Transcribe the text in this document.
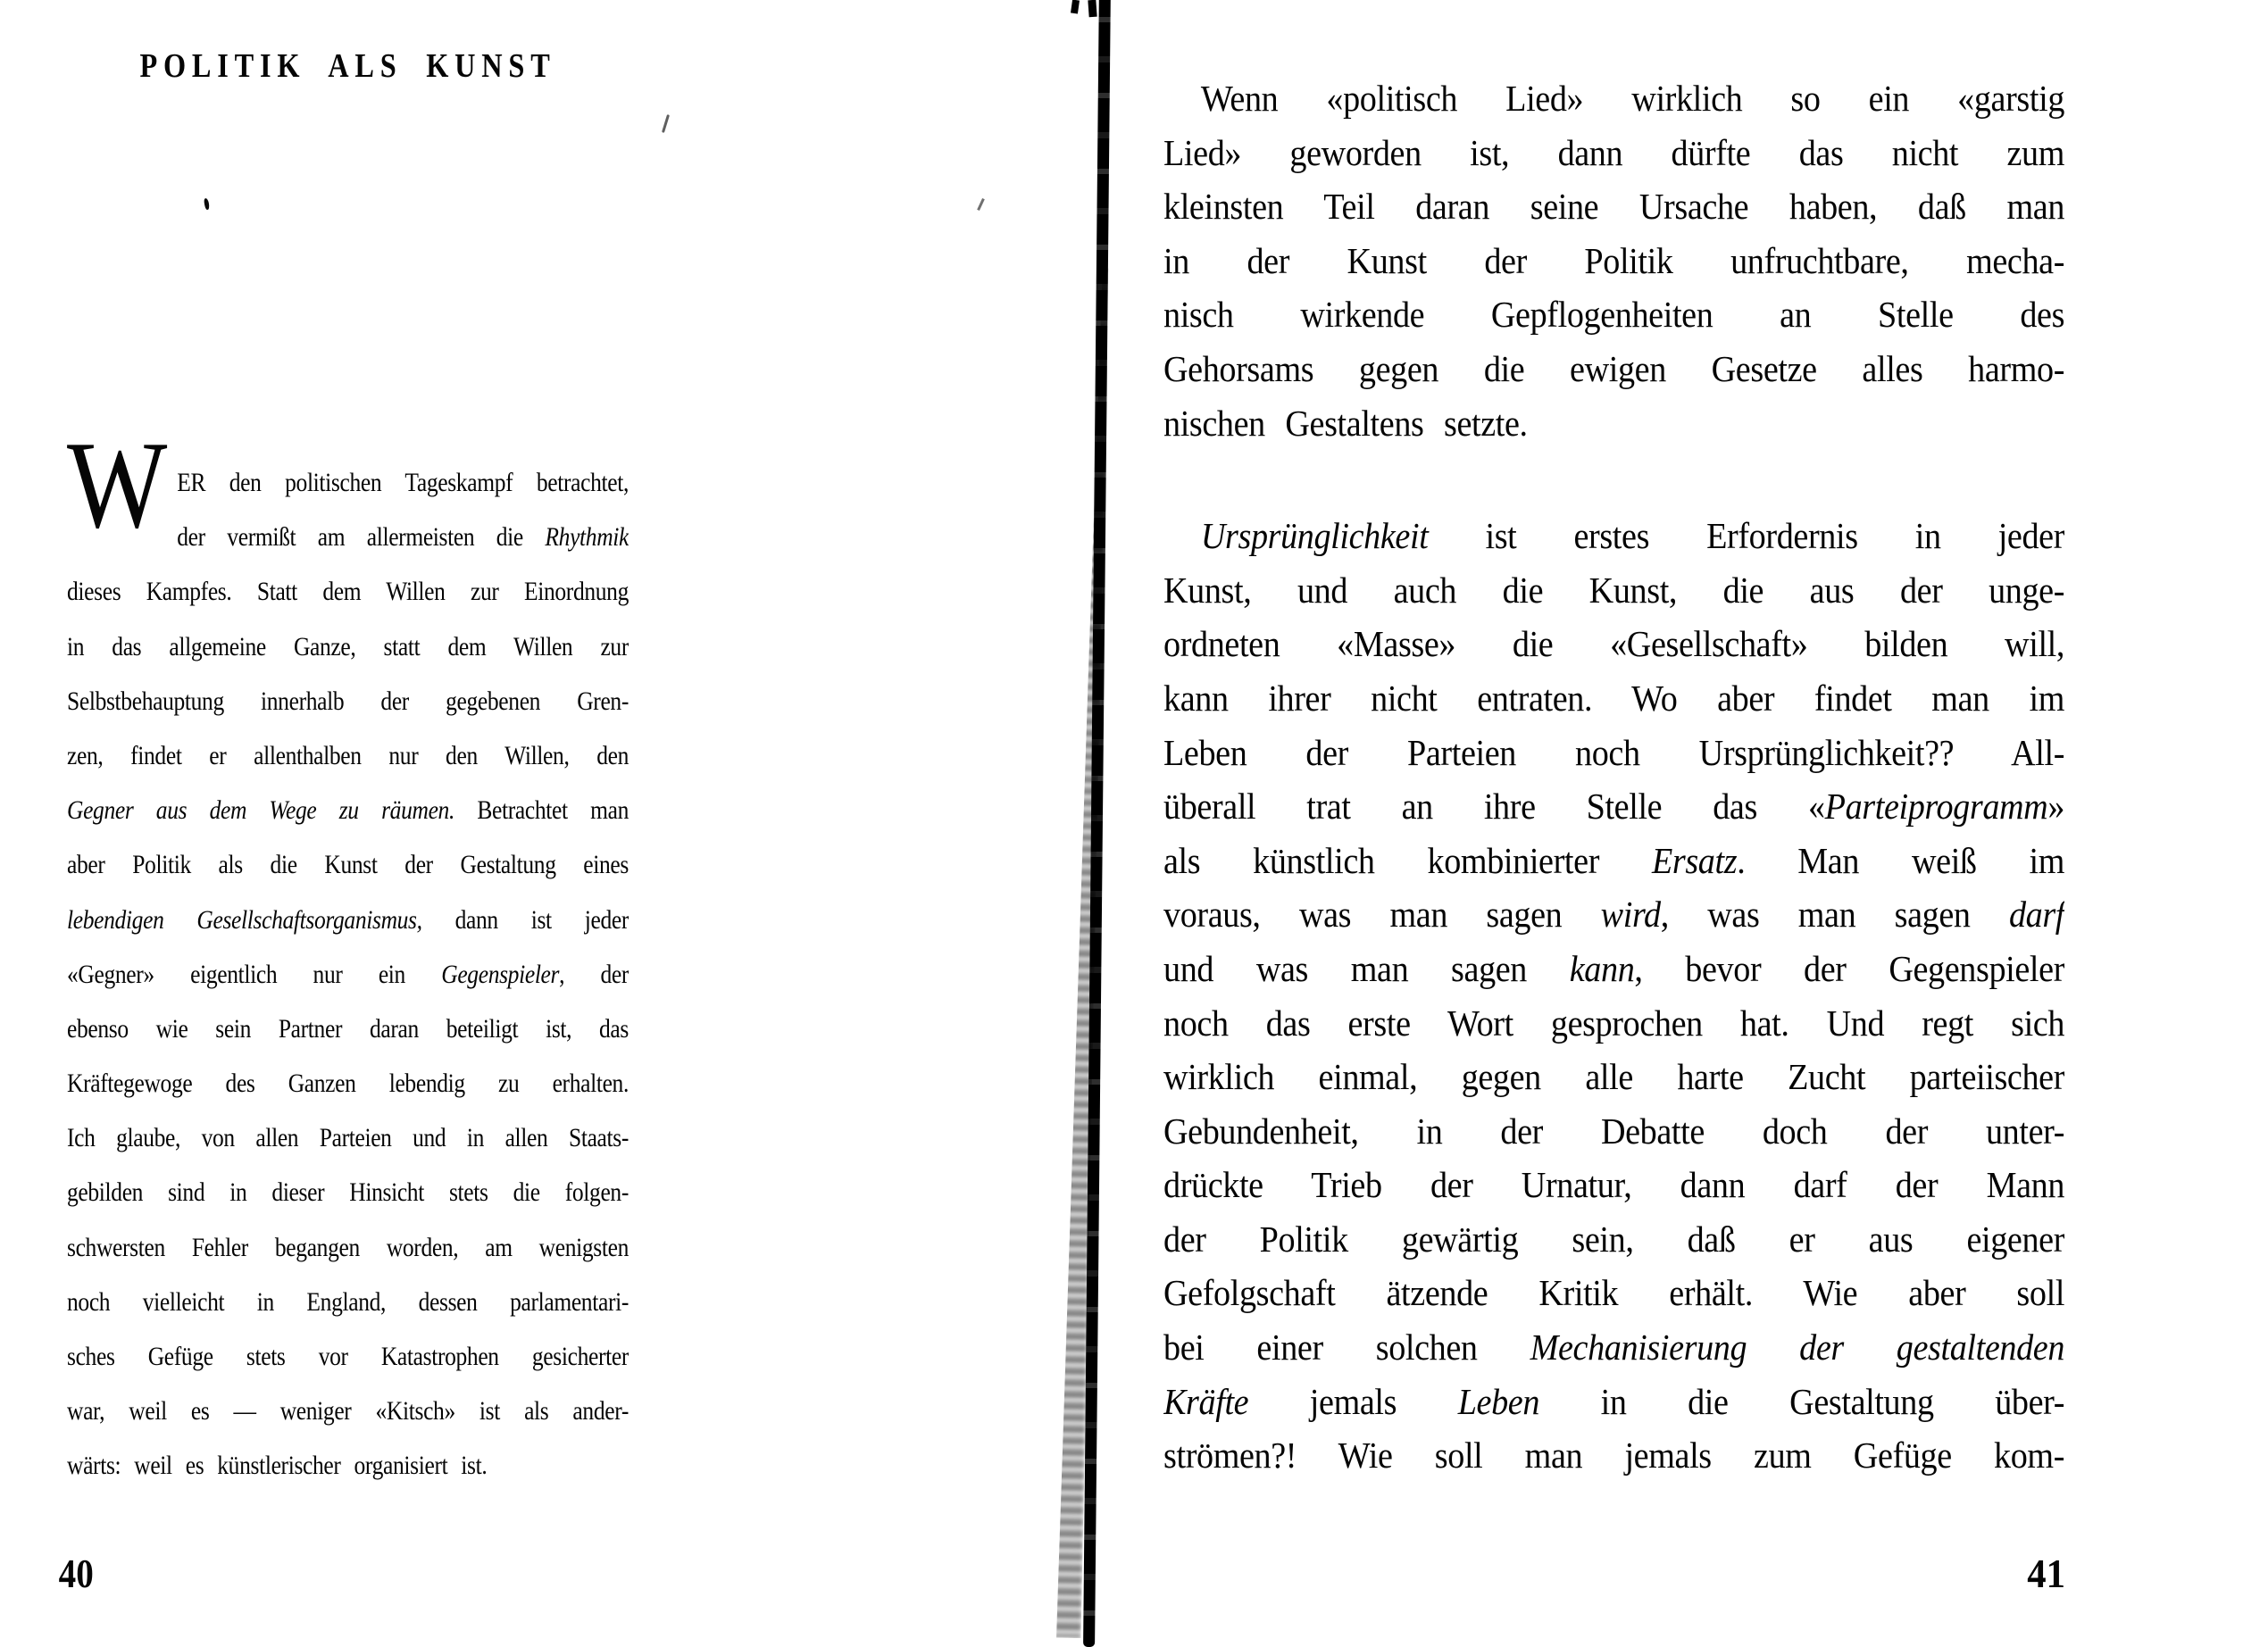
POLITIK ALS KUNST
W ER den politischen Tageskampf betrachtet,
der vermißt am allermeisten die Rhythmik
dieses Kampfes. Statt dem Willen zur Einordnung
in das allgemeine Ganze, statt dem Willen zur
Selbstbehauptung innerhalb der gegebenen Gren-
zen, findet er allenthalben nur den Willen, den
Gegner aus dem Wege zu räumen. Betrachtet man
aber Politik als die Kunst der Gestaltung eines
lebendigen Gesellschaftsorganismus, dann ist jeder
«Gegner» eigentlich nur ein Gegenspieler, der
ebenso wie sein Partner daran beteiligt ist, das
Kräftegewoge des Ganzen lebendig zu erhalten.
Ich glaube, von allen Parteien und in allen Staats-
gebilden sind in dieser Hinsicht stets die folgen-
schwersten Fehler begangen worden, am wenigsten
noch vielleicht in England, dessen parlamentari-
sches Gefüge stets vor Katastrophen gesicherter
war, weil es — weniger «Kitsch» ist als ander-
wärts: weil es künstlerischer organisiert ist.
40
Wenn «politisch Lied» wirklich so ein «garstig
Lied» geworden ist, dann dürfte das nicht zum
kleinsten Teil daran seine Ursache haben, daß man
in der Kunst der Politik unfruchtbare, mecha-
nisch wirkende Gepflogenheiten an Stelle des
Gehorsams gegen die ewigen Gesetze alles harmo-
nischen Gestaltens setzte.
Ursprünglichkeit ist erstes Erfordernis in jeder
Kunst, und auch die Kunst, die aus der unge-
ordneten «Masse» die «Gesellschaft» bilden will,
kann ihrer nicht entraten. Wo aber findet man im
Leben der Parteien noch Ursprünglichkeit?? All-
überall trat an ihre Stelle das «Parteiprogramm»
als künstlich kombinierter Ersatz. Man weiß im
voraus, was man sagen wird, was man sagen darf
und was man sagen kann, bevor der Gegenspieler
noch das erste Wort gesprochen hat. Und regt sich
wirklich einmal, gegen alle harte Zucht parteiischer
Gebundenheit, in der Debatte doch der unter-
drückte Trieb der Urnatur, dann darf der Mann
der Politik gewärtig sein, daß er aus eigener
Gefolgschaft ätzende Kritik erhält. Wie aber soll
bei einer solchen Mechanisierung der gestaltenden
Kräfte jemals Leben in die Gestaltung über-
strömen?! Wie soll man jemals zum Gefüge kom-
41
